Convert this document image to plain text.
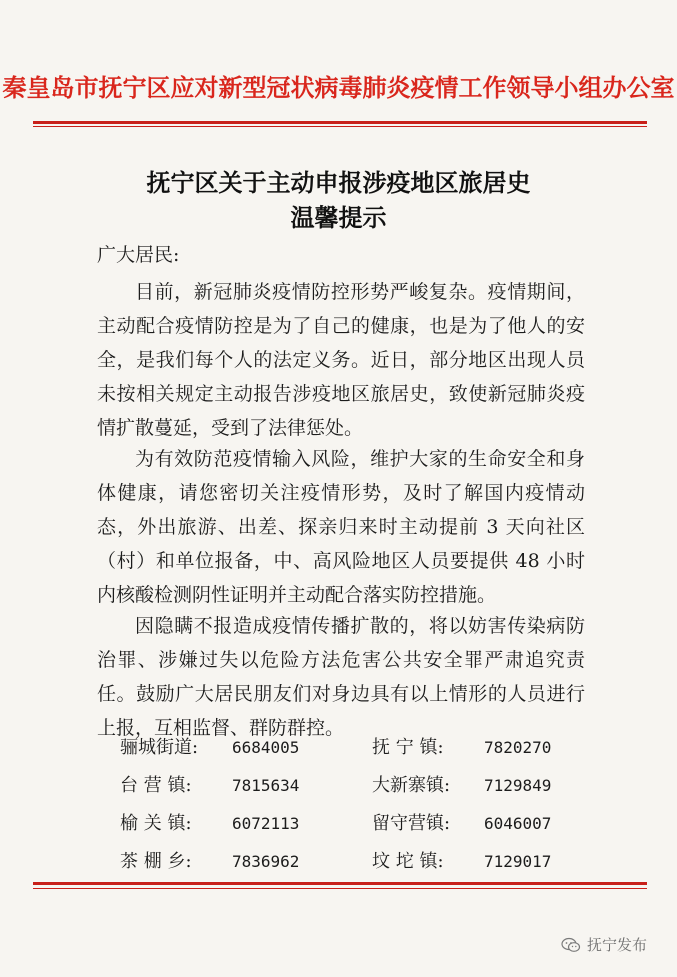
秦皇岛市抚宁区应对新型冠状病毒肺炎疫情工作领导小组办公室
抚宁区关于主动申报涉疫地区旅居史
温馨提示
广大居民:

目前，新冠肺炎疫情防控形势严峻复杂。疫情期间，主动配合疫情防控是为了自己的健康，也是为了他人的安全，是我们每个人的法定义务。近日，部分地区出现人员未按相关规定主动报告涉疫地区旅居史，致使新冠肺炎疫情扩散蔓延，受到了法律惩处。

为有效防范疫情输入风险，维护大家的生命安全和身体健康，请您密切关注疫情形势，及时了解国内疫情动态，外出旅游、出差、探亲归来时主动提前 3 天向社区（村）和单位报备，中、高风险地区人员要提供 48 小时内核酸检测阴性证明并主动配合落实防控措施。

因隐瞒不报造成疫情传播扩散的，将以妨害传染病防治罪、涉嫌过失以危险方法危害公共安全罪严肃追究责任。鼓励广大居民朋友们对身边具有以上情形的人员进行上报，互相监督、群防群控。

骊城街道: 6684005	抚 宁 镇:	7820270
台 营 镇:	7815634	大新寨镇: 7129849
榆 关 镇:	6072113	留守营镇: 6046007
茶 棚 乡:	7836962	坟 坨 镇:	7129017
抚宁发布
